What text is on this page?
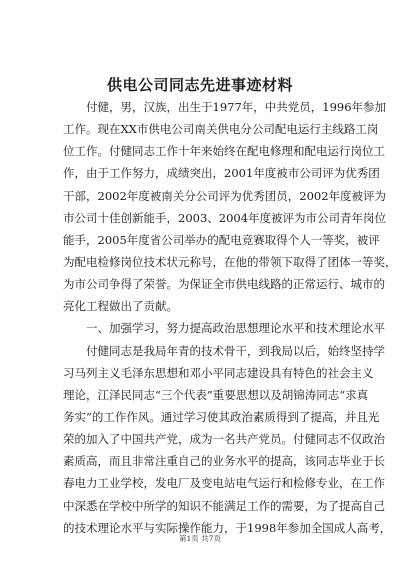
供电公司同志先进事迹材料
付健，男，汉族，出生于1977年，中共党员，1996年参加
工作。现在XX市供电公司南关供电分公司配电运行主线路工岗
位工作。付健同志工作十年来始终在配电修理和配电运行岗位工
作，由于工作努力，成绩突出，2001年度被市公司评为优秀团
干部，2002年度被南关分公司评为优秀团员，2002年度被评为
市公司十佳创新能手，2003、2004年度被评为市公司青年岗位
能手，2005年度省公司举办的配电竞赛取得个人一等奖，被评
为配电检修岗位技术状元称号，在他的带领下取得了团体一等奖，
为市公司争得了荣誉。为保证全市供电线路的正常运行、城市的
亮化工程做出了贡献。
一、加强学习，努力提高政治思想理论水平和技术理论水平
付健同志是我局年青的技术骨干，到我局以后，始终坚持学
习马列主义毛泽东思想和邓小平同志建设具有特色的社会主义
理论，江泽民同志“三个代表”重要思想以及胡锦涛同志“求真
务实”的工作作风。通过学习使其政治素质得到了提高，并且光
荣的加入了中国共产党，成为一名共产党员。付健同志不仅政治
素质高，而且非常注重自己的业务水平的提高，该同志毕业于长
春电力工业学校，发电厂及变电站电气运行和检修专业，在工作
中深悉在学校中所学的知识不能满足工作的需要，为了提高自己
的技术理论水平与实际操作能力，于1998年参加全国成人高考，
第1页 共7页
